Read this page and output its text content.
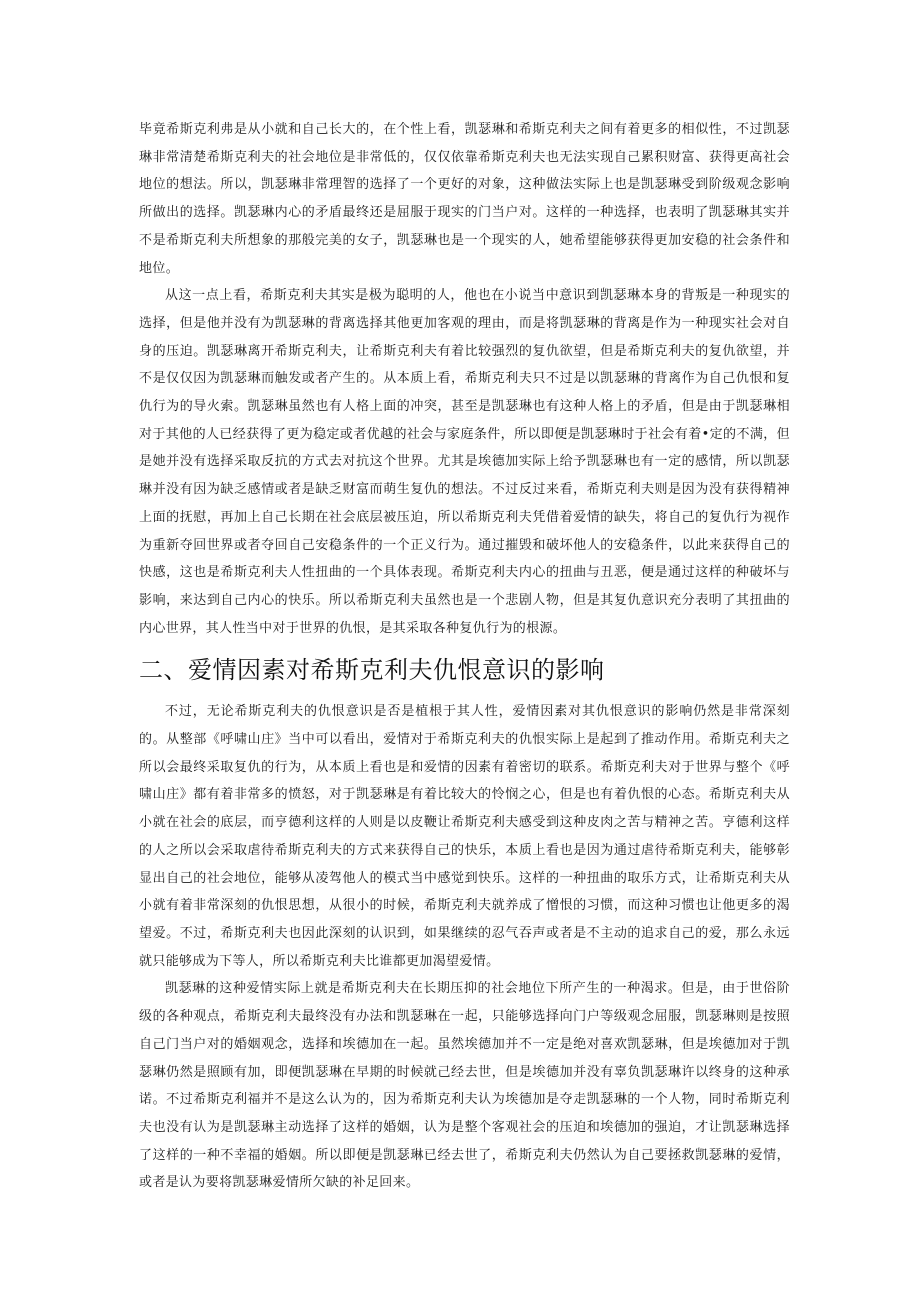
毕竟希斯克利弗是从小就和自己长大的，在个性上看，凯瑟琳和希斯克利夫之间有着更多的相似性，不过凯瑟琳非常清楚希斯克利夫的社会地位是非常低的，仅仅依靠希斯克利夫也无法实现自己累积财富、获得更高社会地位的想法。所以，凯瑟琳非常理智的选择了一个更好的对象，这种做法实际上也是凯瑟琳受到阶级观念影响所做出的选择。凯瑟琳内心的矛盾最终还是屈服于现实的门当户对。这样的一种选择，也表明了凯瑟琳其实并不是希斯克利夫所想象的那般完美的女子，凯瑟琳也是一个现实的人，她希望能够获得更加安稳的社会条件和地位。

从这一点上看，希斯克利夫其实是极为聪明的人，他也在小说当中意识到凯瑟琳本身的背叛是一种现实的选择，但是他并没有为凯瑟琳的背离选择其他更加客观的理由，而是将凯瑟琳的背离是作为一种现实社会对自身的压迫。凯瑟琳离开希斯克利夫，让希斯克利夫有着比较强烈的复仇欲望，但是希斯克利夫的复仇欲望，并不是仅仅因为凯瑟琳而触发或者产生的。从本质上看，希斯克利夫只不过是以凯瑟琳的背离作为自己仇恨和复仇行为的导火索。凯瑟琳虽然也有人格上面的冲突，甚至是凯瑟琳也有这种人格上的矛盾，但是由于凯瑟琳相对于其他的人已经获得了更为稳定或者优越的社会与家庭条件，所以即便是凯瑟琳时于社会有着•定的不满，但是她并没有选择采取反抗的方式去对抗这个世界。尤其是埃德加实际上给予凯瑟琳也有一定的感情，所以凯瑟琳并没有因为缺乏感情或者是缺乏财富而萌生复仇的想法。不过反过来看，希斯克利夫则是因为没有获得精神上面的抚慰，再加上自己长期在社会底层被压迫，所以希斯克利夫凭借着爱情的缺失，将自己的复仇行为视作为重新夺回世界或者夺回自己安稳条件的一个正义行为。通过摧毁和破坏他人的安稳条件，以此来获得自己的快感，这也是希斯克利夫人性扭曲的一个具体表现。希斯克利夫内心的扭曲与丑恶，便是通过这样的种破坏与影响，来达到自己内心的快乐。所以希斯克利夫虽然也是一个悲剧人物，但是其复仇意识充分表明了其扭曲的内心世界，其人性当中对于世界的仇恨，是其采取各种复仇行为的根源。

二、爱情因素对希斯克利夫仇恨意识的影响

不过，无论希斯克利夫的仇恨意识是否是植根于其人性，爱情因素对其仇恨意识的影响仍然是非常深刻的。从整部《呼啸山庄》当中可以看出，爱情对于希斯克利夫的仇恨实际上是起到了推动作用。希斯克利夫之所以会最终采取复仇的行为，从本质上看也是和爱情的因素有着密切的联系。希斯克利夫对于世界与整个《呼啸山庄》都有着非常多的愤怒，对于凯瑟琳是有着比较大的怜悯之心，但是也有着仇恨的心态。希斯克利夫从小就在社会的底层，而亨德利这样的人则是以皮鞭让希斯克利夫感受到这种皮肉之苦与精神之苦。亨德利这样的人之所以会采取虐待希斯克利夫的方式来获得自己的快乐，本质上看也是因为通过虐待希斯克利夫，能够彰显出自己的社会地位，能够从凌驾他人的模式当中感觉到快乐。这样的一种扭曲的取乐方式，让希斯克利夫从小就有着非常深刻的仇恨思想，从很小的时候，希斯克利夫就养成了憎恨的习惯，而这种习惯也让他更多的渴望爱。不过，希斯克利夫也因此深刻的认识到，如果继续的忍气吞声或者是不主动的追求自己的爱，那么永远就只能够成为下等人，所以希斯克利夫比谁都更加渴望爱情。

凯瑟琳的这种爱情实际上就是希斯克利夫在长期压抑的社会地位下所产生的一种渴求。但是，由于世俗阶级的各种观点，希斯克利夫最终没有办法和凯瑟琳在一起，只能够选择向门户等级观念屈服，凯瑟琳则是按照自己门当户对的婚姻观念，选择和埃德加在一起。虽然埃德加并不一定是绝对喜欢凯瑟琳，但是埃德加对于凯瑟琳仍然是照顾有加，即便凯瑟琳在早期的时候就己经去世，但是埃德加并没有辜负凯瑟琳许以终身的这种承诺。不过希斯克利福并不是这么认为的，因为希斯克利夫认为埃德加是夺走凯瑟琳的一个人物，同时希斯克利夫也没有认为是凯瑟琳主动选择了这样的婚姻，认为是整个客观社会的压迫和埃德加的强迫，才让凯瑟琳选择了这样的一种不幸福的婚姻。所以即便是凯瑟琳已经去世了，希斯克利夫仍然认为自己要拯救凯瑟琳的爱情，或者是认为要将凯瑟琳爱情所欠缺的补足回来。
